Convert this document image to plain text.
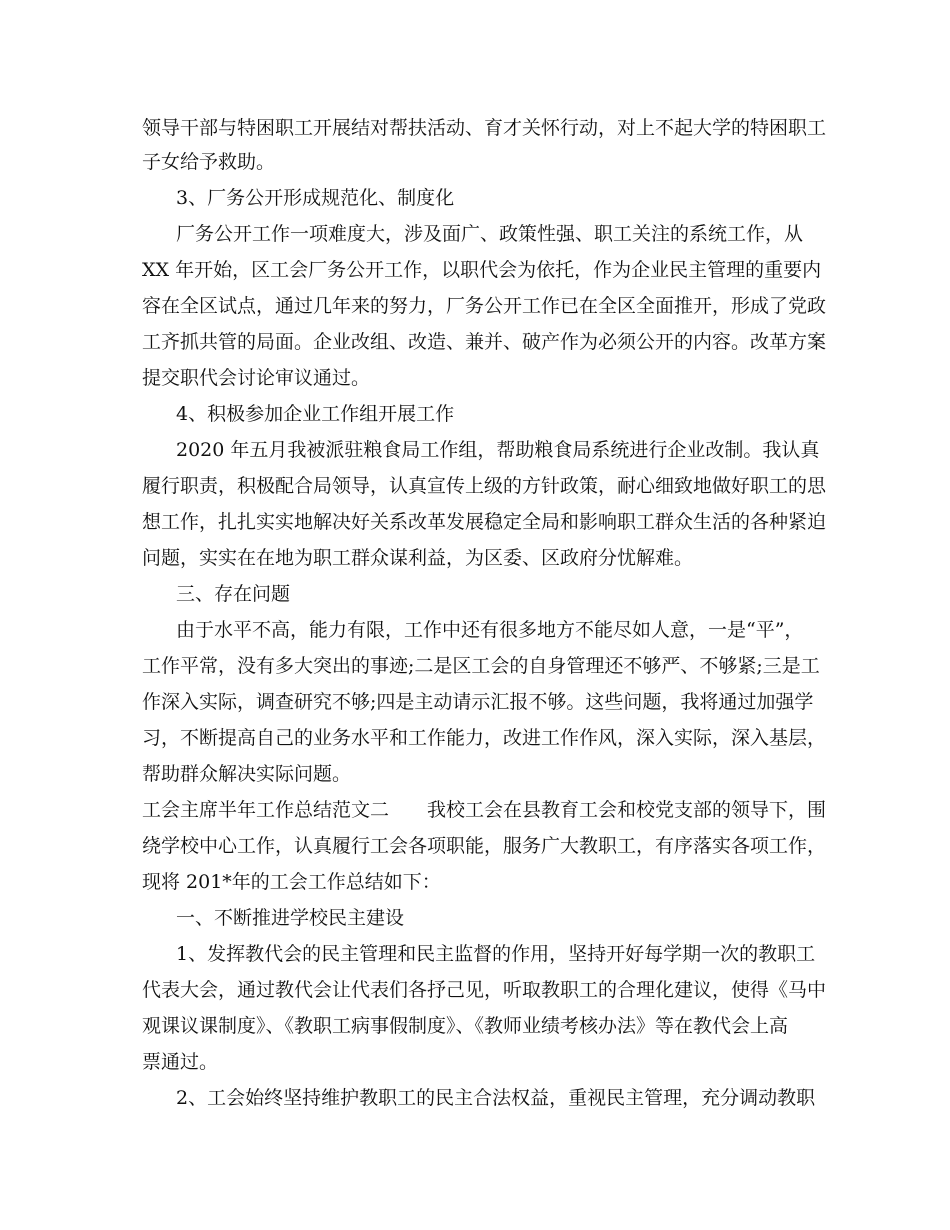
领导干部与特困职工开展结对帮扶活动、育才关怀行动，对上不起大学的特困职工
子女给予救助。
3、厂务公开形成规范化、制度化
厂务公开工作一项难度大，涉及面广、政策性强、职工关注的系统工作，从
XX 年开始，区工会厂务公开工作，以职代会为依托，作为企业民主管理的重要内
容在全区试点，通过几年来的努力，厂务公开工作已在全区全面推开，形成了党政
工齐抓共管的局面。企业改组、改造、兼并、破产作为必须公开的内容。改革方案
提交职代会讨论审议通过。
4、积极参加企业工作组开展工作
2020 年五月我被派驻粮食局工作组，帮助粮食局系统进行企业改制。我认真
履行职责，积极配合局领导，认真宣传上级的方针政策，耐心细致地做好职工的思
想工作，扎扎实实地解决好关系改革发展稳定全局和影响职工群众生活的各种紧迫
问题，实实在在地为职工群众谋利益，为区委、区政府分忧解难。
三、存在问题
由于水平不高，能力有限，工作中还有很多地方不能尽如人意，一是“平”，
工作平常，没有多大突出的事迹;二是区工会的自身管理还不够严、不够紧;三是工
作深入实际，调查研究不够;四是主动请示汇报不够。这些问题，我将通过加强学
习，不断提高自己的业务水平和工作能力，改进工作作风，深入实际，深入基层，
帮助群众解决实际问题。
工会主席半年工作总结范文二　　我校工会在县教育工会和校党支部的领导下，围
绕学校中心工作，认真履行工会各项职能，服务广大教职工，有序落实各项工作，
现将 201*年的工会工作总结如下：
一、不断推进学校民主建设
1、发挥教代会的民主管理和民主监督的作用，坚持开好每学期一次的教职工
代表大会，通过教代会让代表们各抒己见，听取教职工的合理化建议，使得《马中
观课议课制度》、《教职工病事假制度》、《教师业绩考核办法》等在教代会上高
票通过。
2、工会始终坚持维护教职工的民主合法权益，重视民主管理，充分调动教职
